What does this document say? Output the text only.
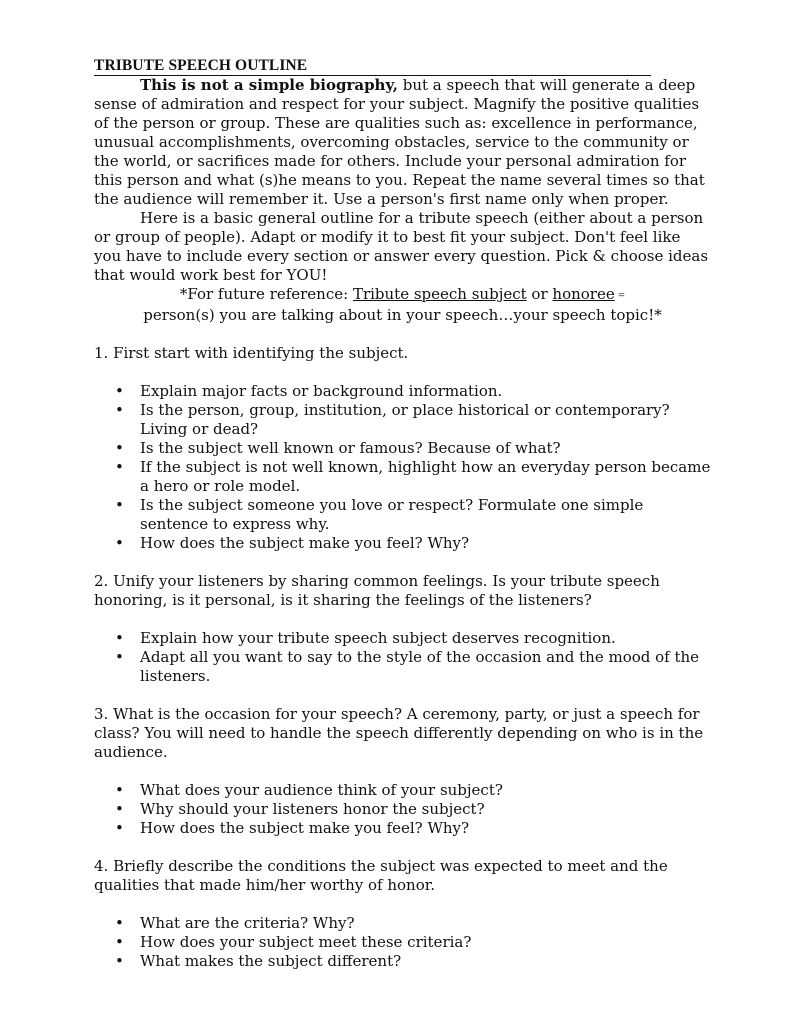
TRIBUTE SPEECH OUTLINE

This is not a simple biography, but a speech that will generate a deep sense of admiration and respect for your subject. Magnify the positive qualities of the person or group. These are qualities such as: excellence in performance, unusual accomplishments, overcoming obstacles, service to the community or the world, or sacrifices made for others. Include your personal admiration for this person and what (s)he means to you. Repeat the name several times so that the audience will remember it. Use a person's first name only when proper.

Here is a basic general outline for a tribute speech (either about a person or group of people). Adapt or modify it to best fit your subject. Don't feel like you have to include every section or answer every question. Pick & choose ideas that would work best for YOU!

*For future reference: Tribute speech subject or honoree =
person(s) you are talking about in your speech…your speech topic!*

1. First start with identifying the subject.

• Explain major facts or background information.
• Is the person, group, institution, or place historical or contemporary? Living or dead?
• Is the subject well known or famous? Because of what?
• If the subject is not well known, highlight how an everyday person became a hero or role model.
• Is the subject someone you love or respect? Formulate one simple sentence to express why.
• How does the subject make you feel? Why?

2. Unify your listeners by sharing common feelings. Is your tribute speech honoring, is it personal, is it sharing the feelings of the listeners?

• Explain how your tribute speech subject deserves recognition.
• Adapt all you want to say to the style of the occasion and the mood of the listeners.

3. What is the occasion for your speech? A ceremony, party, or just a speech for class? You will need to handle the speech differently depending on who is in the audience.

• What does your audience think of your subject?
• Why should your listeners honor the subject?
• How does the subject make you feel? Why?

4. Briefly describe the conditions the subject was expected to meet and the qualities that made him/her worthy of honor.

• What are the criteria? Why?
• How does your subject meet these criteria?
• What makes the subject different?
